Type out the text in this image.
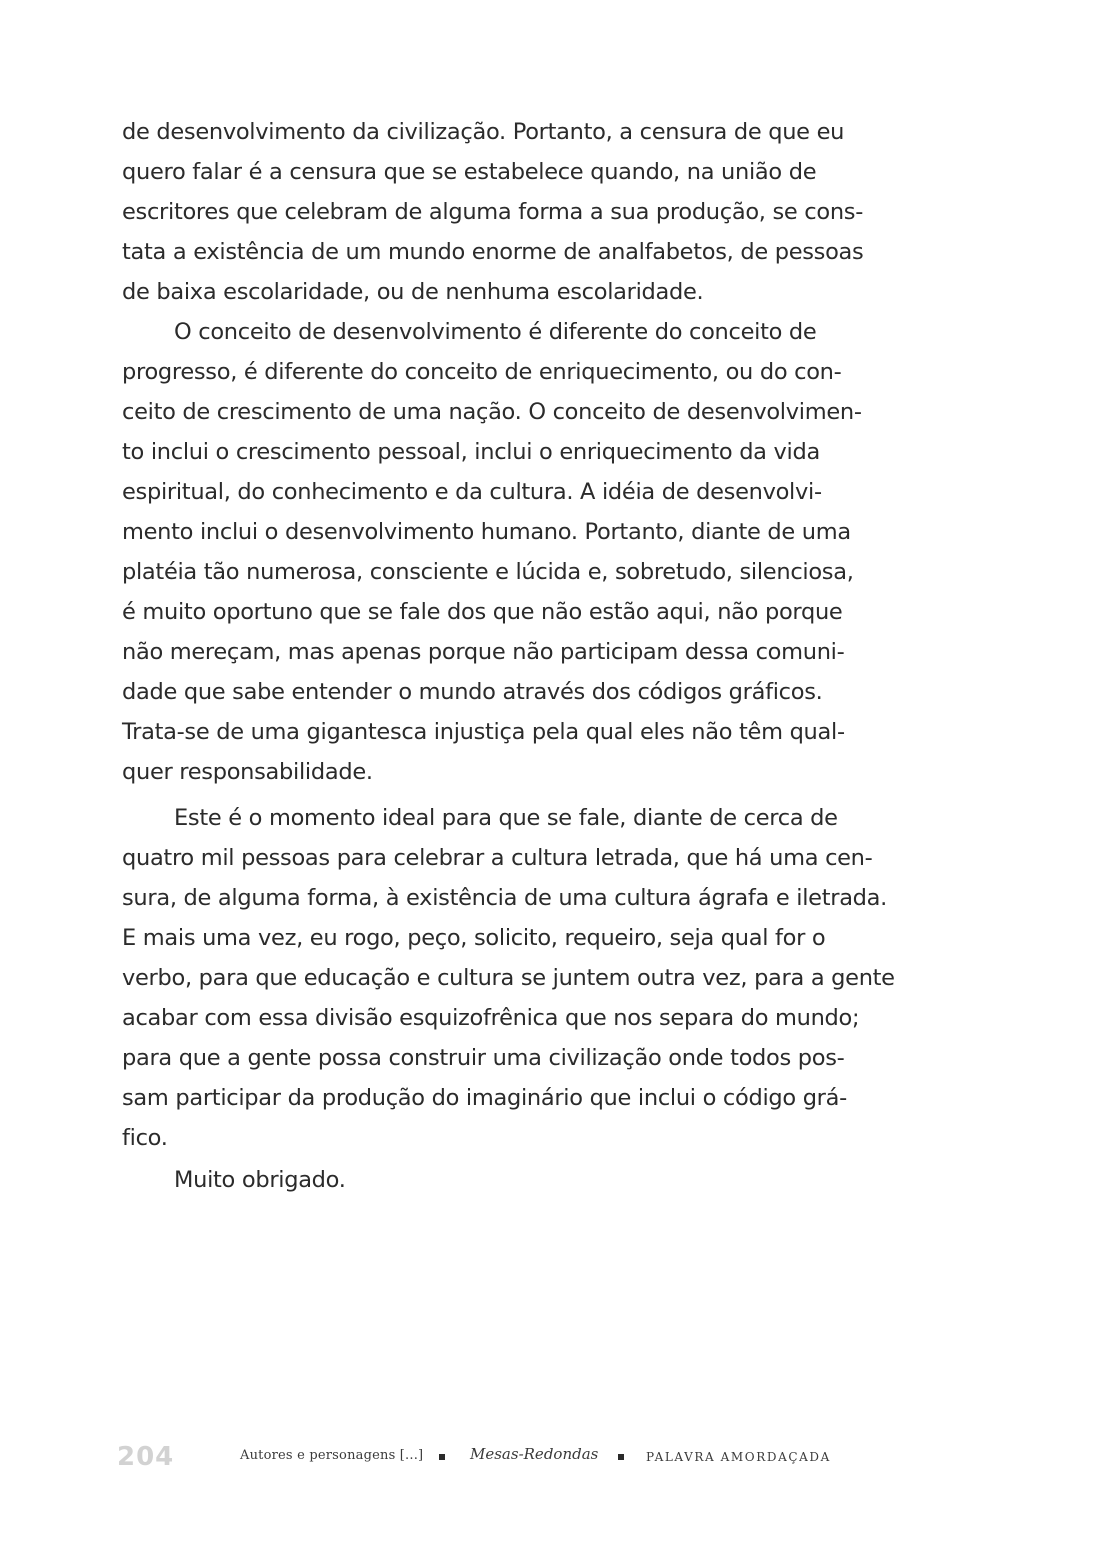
de desenvolvimento da civilização. Portanto, a censura de que eu
quero falar é a censura que se estabelece quando, na união de
escritores que celebram de alguma forma a sua produção, se cons-
tata a existência de um mundo enorme de analfabetos, de pessoas
de baixa escolaridade, ou de nenhuma escolaridade.
O conceito de desenvolvimento é diferente do conceito de
progresso, é diferente do conceito de enriquecimento, ou do con-
ceito de crescimento de uma nação. O conceito de desenvolvimen-
to inclui o crescimento pessoal, inclui o enriquecimento da vida
espiritual, do conhecimento e da cultura. A idéia de desenvolvi-
mento inclui o desenvolvimento humano. Portanto, diante de uma
platéia tão numerosa, consciente e lúcida e, sobretudo, silenciosa,
é muito oportuno que se fale dos que não estão aqui, não porque
não mereçam, mas apenas porque não participam dessa comuni-
dade que sabe entender o mundo através dos códigos gráficos.
Trata-se de uma gigantesca injustiça pela qual eles não têm qual-
quer responsabilidade.
Este é o momento ideal para que se fale, diante de cerca de
quatro mil pessoas para celebrar a cultura letrada, que há uma cen-
sura, de alguma forma, à existência de uma cultura ágrafa e iletrada.
E mais uma vez, eu rogo, peço, solicito, requeiro, seja qual for o
verbo, para que educação e cultura se juntem outra vez, para a gente
acabar com essa divisão esquizofrênica que nos separa do mundo;
para que a gente possa construir uma civilização onde todos pos-
sam participar da produção do imaginário que inclui o código grá-
fico.
Muito obrigado.
204	Autores e personagens [...]	Mesas-Redondas	PALAVRA AMORDAÇADA
